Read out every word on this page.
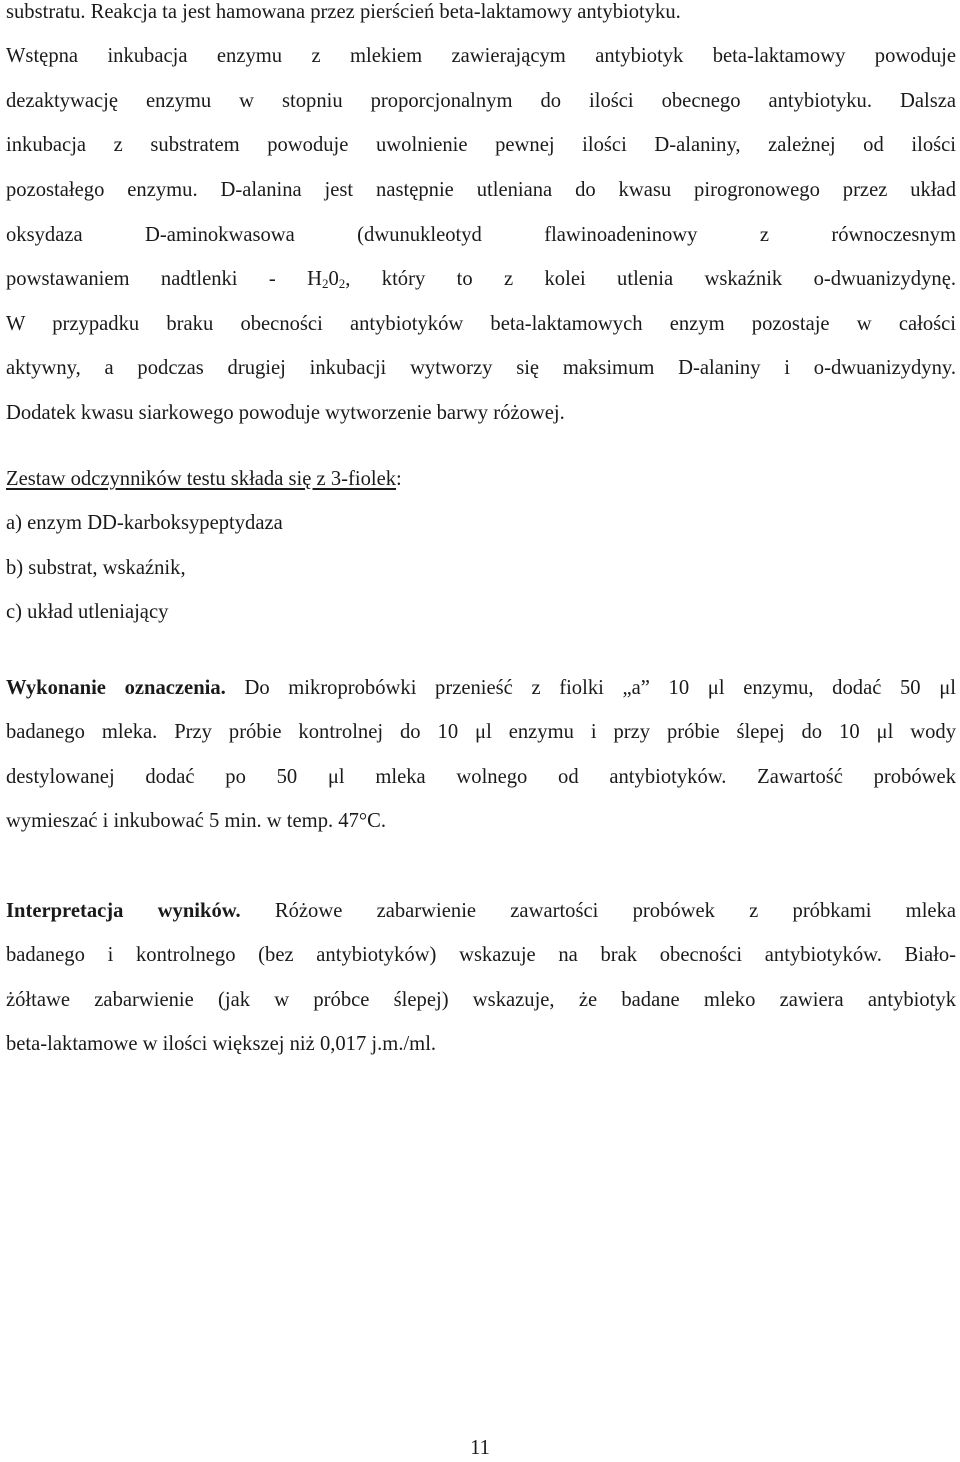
substratu. Reakcja ta jest hamowana przez pierścień beta-laktamowy antybiotyku.
Wstępna inkubacja enzymu z mlekiem zawierającym antybiotyk beta-laktamowy powoduje
dezaktywację enzymu w stopniu proporcjonalnym do ilości obecnego antybiotyku. Dalsza
inkubacja z substratem powoduje uwolnienie pewnej ilości D-alaniny, zależnej od ilości
pozostałego enzymu. D-alanina jest następnie utleniana do kwasu pirogronowego przez układ
oksydaza D-aminokwasowa (dwunukleotyd flawinoadeninowy z równoczesnym
powstawaniem nadtlenki - $H_20_2$, który to z kolei utlenia wskaźnik o-dwuanizydynę.
W przypadku braku obecności antybiotyków beta-laktamowych enzym pozostaje w całości
aktywny, a podczas drugiej inkubacji wytworzy się maksimum D-alaniny i o-dwuanizydyny.
Dodatek kwasu siarkowego powoduje wytworzenie barwy różowej.
Zestaw odczynników testu składa się z 3-fiolek:
a) enzym DD-karboksypeptydaza
b) substrat, wskaźnik,
c) układ utleniający
Wykonanie oznaczenia. Do mikroprobówki przenieść z fiolki „a” 10 μl enzymu, dodać 50 μl
badanego mleka. Przy próbie kontrolnej do 10 μl enzymu i przy próbie ślepej do 10 μl wody
destylowanej dodać po 50 μl mleka wolnego od antybiotyków. Zawartość probówek
wymieszać i inkubować 5 min. w temp. 47°C.
Interpretacja wyników. Różowe zabarwienie zawartości probówek z próbkami mleka
badanego i kontrolnego (bez antybiotyków) wskazuje na brak obecności antybiotyków. Biało-
żółtawe zabarwienie (jak w próbce ślepej) wskazuje, że badane mleko zawiera antybiotyk
beta-laktamowe w ilości większej niż 0,017 j.m./ml.
11
